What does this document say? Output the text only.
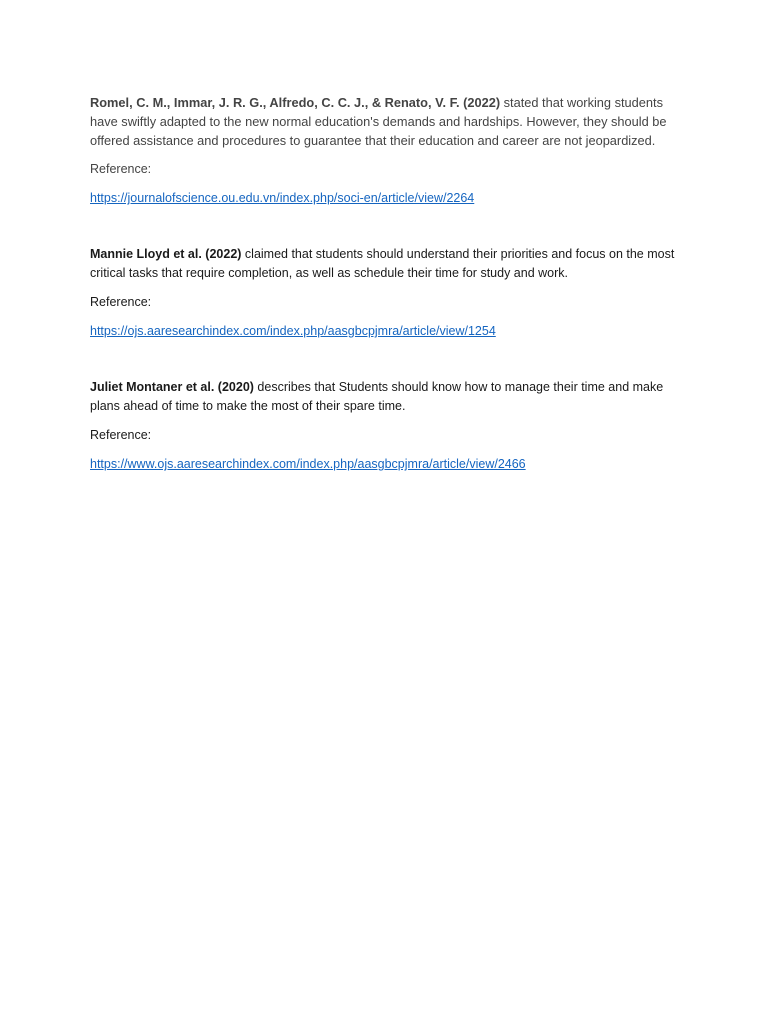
Romel, C. M., Immar, J. R. G., Alfredo, C. C. J., & Renato, V. F. (2022) stated that working students have swiftly adapted to the new normal education's demands and hardships. However, they should be offered assistance and procedures to guarantee that their education and career are not jeopardized.

Reference:

https://journalofscience.ou.edu.vn/index.php/soci-en/article/view/2264

Mannie Lloyd et al. (2022) claimed that students should understand their priorities and focus on the most critical tasks that require completion, as well as schedule their time for study and work.

Reference:

https://ojs.aaresearchindex.com/index.php/aasgbcpjmra/article/view/1254

Juliet Montaner et al. (2020) describes that Students should know how to manage their time and make plans ahead of time to make the most of their spare time.

Reference:

https://www.ojs.aaresearchindex.com/index.php/aasgbcpjmra/article/view/2466
